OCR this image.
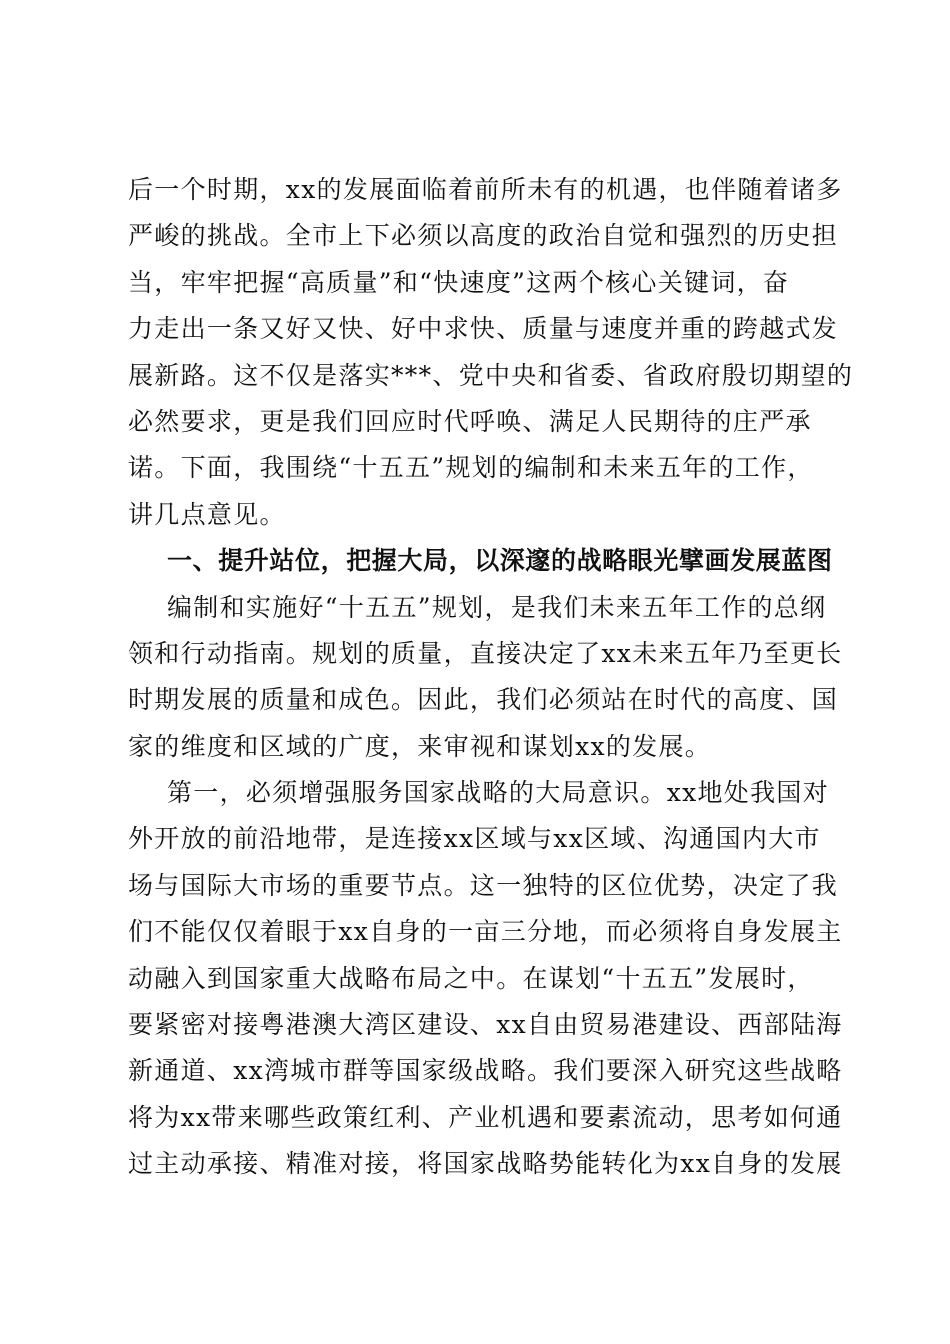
后一个时期，xx的发展面临着前所未有的机遇，也伴随着诸多
严峻的挑战。全市上下必须以高度的政治自觉和强烈的历史担
当，牢牢把握“高质量”和“快速度”这两个核心关键词，奋
力走出一条又好又快、好中求快、质量与速度并重的跨越式发
展新路。这不仅是落实***、党中央和省委、省政府殷切期望的
必然要求，更是我们回应时代呼唤、满足人民期待的庄严承
诺。下面，我围绕“十五五”规划的编制和未来五年的工作，
讲几点意见。
一、提升站位，把握大局，以深邃的战略眼光擘画发展蓝图
编制和实施好“十五五”规划，是我们未来五年工作的总纲
领和行动指南。规划的质量，直接决定了xx未来五年乃至更长
时期发展的质量和成色。因此，我们必须站在时代的高度、国
家的维度和区域的广度，来审视和谋划xx的发展。
第一，必须增强服务国家战略的大局意识。xx地处我国对
外开放的前沿地带，是连接xx区域与xx区域、沟通国内大市
场与国际大市场的重要节点。这一独特的区位优势，决定了我
们不能仅仅着眼于xx自身的一亩三分地，而必须将自身发展主
动融入到国家重大战略布局之中。在谋划“十五五”发展时，
要紧密对接粤港澳大湾区建设、xx自由贸易港建设、西部陆海
新通道、xx湾城市群等国家级战略。我们要深入研究这些战略
将为xx带来哪些政策红利、产业机遇和要素流动，思考如何通
过主动承接、精准对接，将国家战略势能转化为xx自身的发展
